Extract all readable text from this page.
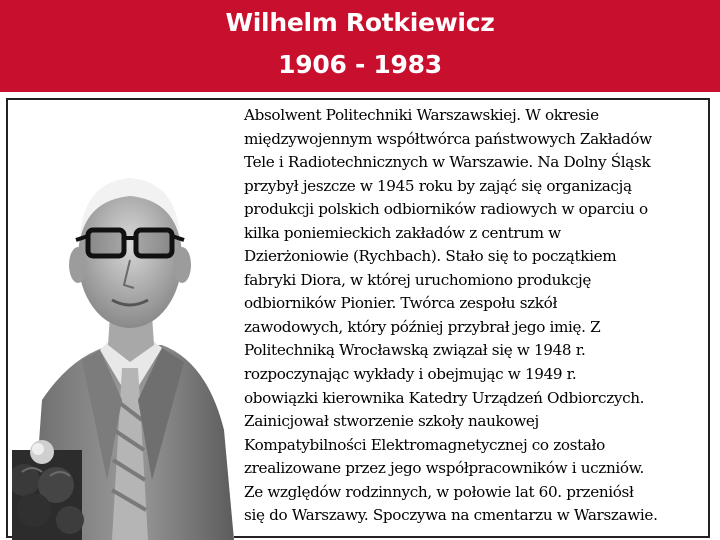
Wilhelm Rotkiewicz
1906 - 1983
Absolwent Politechniki Warszawskiej. W okresie
międzywojennym współtwórca państwowych Zakładów
Tele i Radiotechnicznych w Warszawie. Na Dolny Śląsk
przybył jeszcze w 1945 roku by zająć się organizacją
produkcji polskich odbiorników radiowych w oparciu o
kilka poniemieckich zakładów z centrum w
Dzierżoniowie (Rychbach). Stało się to początkiem
fabryki Diora, w której uruchomiono produkcję
odbiorników Pionier. Twórca zespołu szkół
zawodowych, który później przybrał jego imię. Z
Politechniką Wrocławską związał się w 1948 r.
rozpoczynając wykłady i obejmując w 1949 r.
obowiązki kierownika Katedry Urządzeń Odbiorczych.
Zainicjował stworzenie szkoły naukowej
Kompatybilności Elektromagnetycznej co zostało
zrealizowane przez jego współpracowników i uczniów.
Ze względów rodzinnych, w połowie lat 60. przeniósł
się do Warszawy. Spoczywa na cmentarzu w Warszawie.
